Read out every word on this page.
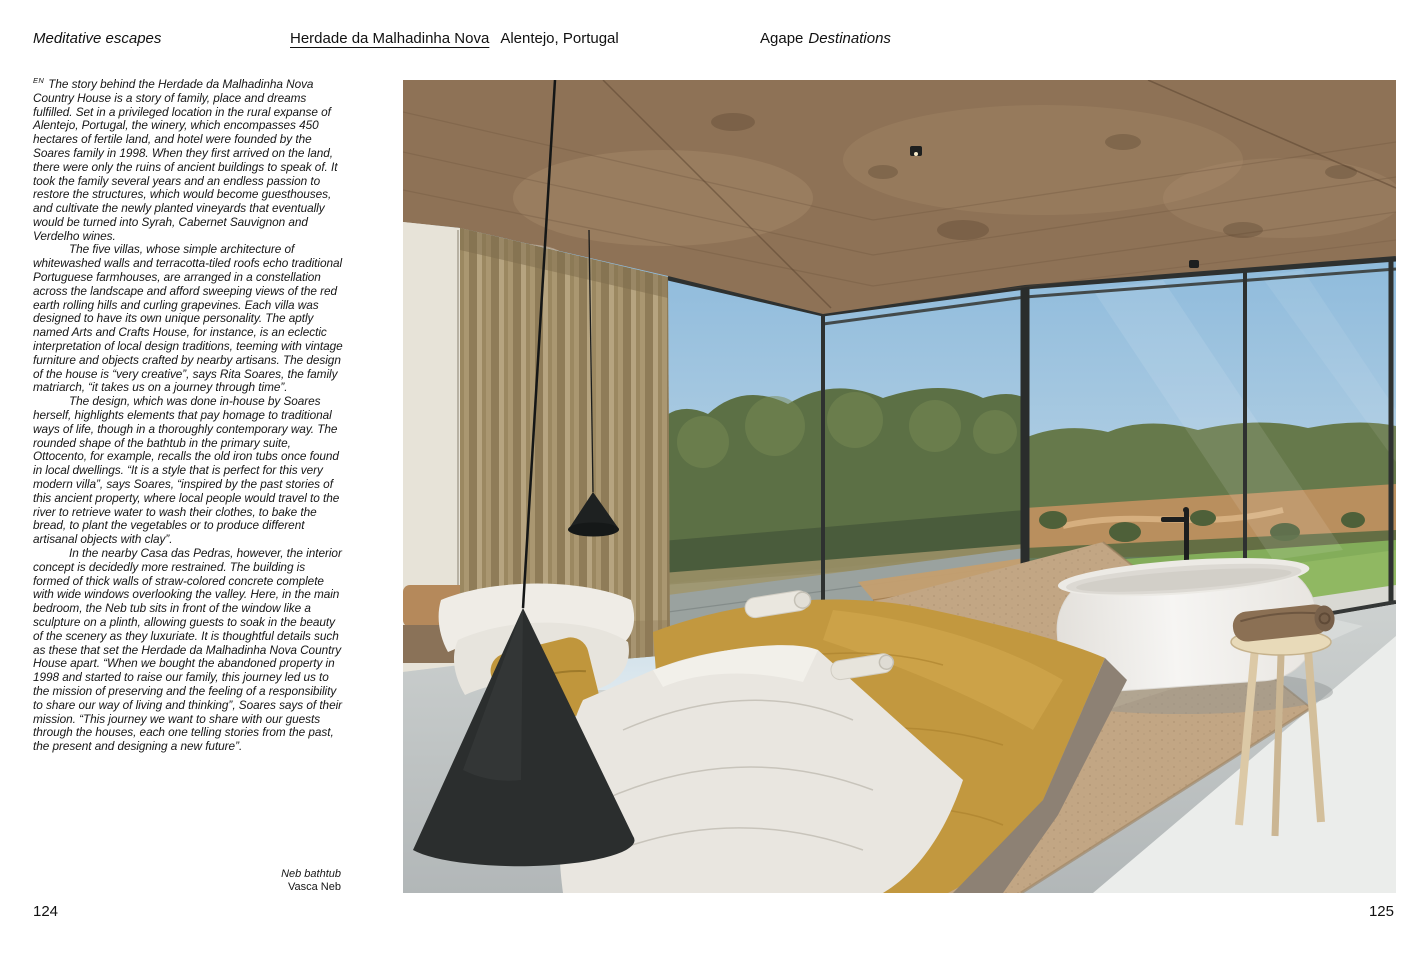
Meditative escapes	Herdade da Malhadinha Nova Alentejo, Portugal	Agape Destinations

$^{EN}$ The story behind the Herdade da Malhadinha Nova Country House is a story of family, place and dreams fulfilled. Set in a privileged location in the rural expanse of Alentejo, Portugal, the winery, which encompasses 450 hectares of fertile land, and hotel were founded by the Soares family in 1998. When they first arrived on the land, there were only the ruins of ancient buildings to speak of. It took the family several years and an endless passion to restore the structures, which would become guesthouses, and cultivate the newly planted vineyards that eventually would be turned into Syrah, Cabernet Sauvignon and Verdelho wines.

The five villas, whose simple architecture of whitewashed walls and terracotta-tiled roofs echo traditional Portuguese farmhouses, are arranged in a constellation across the landscape and afford sweeping views of the red earth rolling hills and curling grapevines. Each villa was designed to have its own unique personality. The aptly named Arts and Crafts House, for instance, is an eclectic interpretation of local design traditions, teeming with vintage furniture and objects crafted by nearby artisans. The design of the house is “very creative”, says Rita Soares, the family matriarch, “it takes us on a journey through time”.

The design, which was done in-house by Soares herself, highlights elements that pay homage to traditional ways of life, though in a thoroughly contemporary way. The rounded shape of the bathtub in the primary suite, Ottocento, for example, recalls the old iron tubs once found in local dwellings. “It is a style that is perfect for this very modern villa”, says Soares, “inspired by the past stories of this ancient property, where local people would travel to the river to retrieve water to wash their clothes, to bake the bread, to plant the vegetables or to produce different artisanal objects with clay”.

In the nearby Casa das Pedras, however, the interior concept is decidedly more restrained. The building is formed of thick walls of straw-colored concrete complete with wide windows overlooking the valley. Here, in the main bedroom, the Neb tub sits in front of the window like a sculpture on a plinth, allowing guests to soak in the beauty of the scenery as they luxuriate. It is thoughtful details such as these that set the Herdade da Malhadinha Nova Country House apart. “When we bought the abandoned property in 1998 and started to raise our family, this journey led us to the mission of preserving and the feeling of a responsibility to share our way of living and thinking”, Soares says of their mission. “This journey we want to share with our guests through the houses, each one telling stories from the past, the present and designing a new future”.

Neb bathtub
Vasca Neb
124	125
